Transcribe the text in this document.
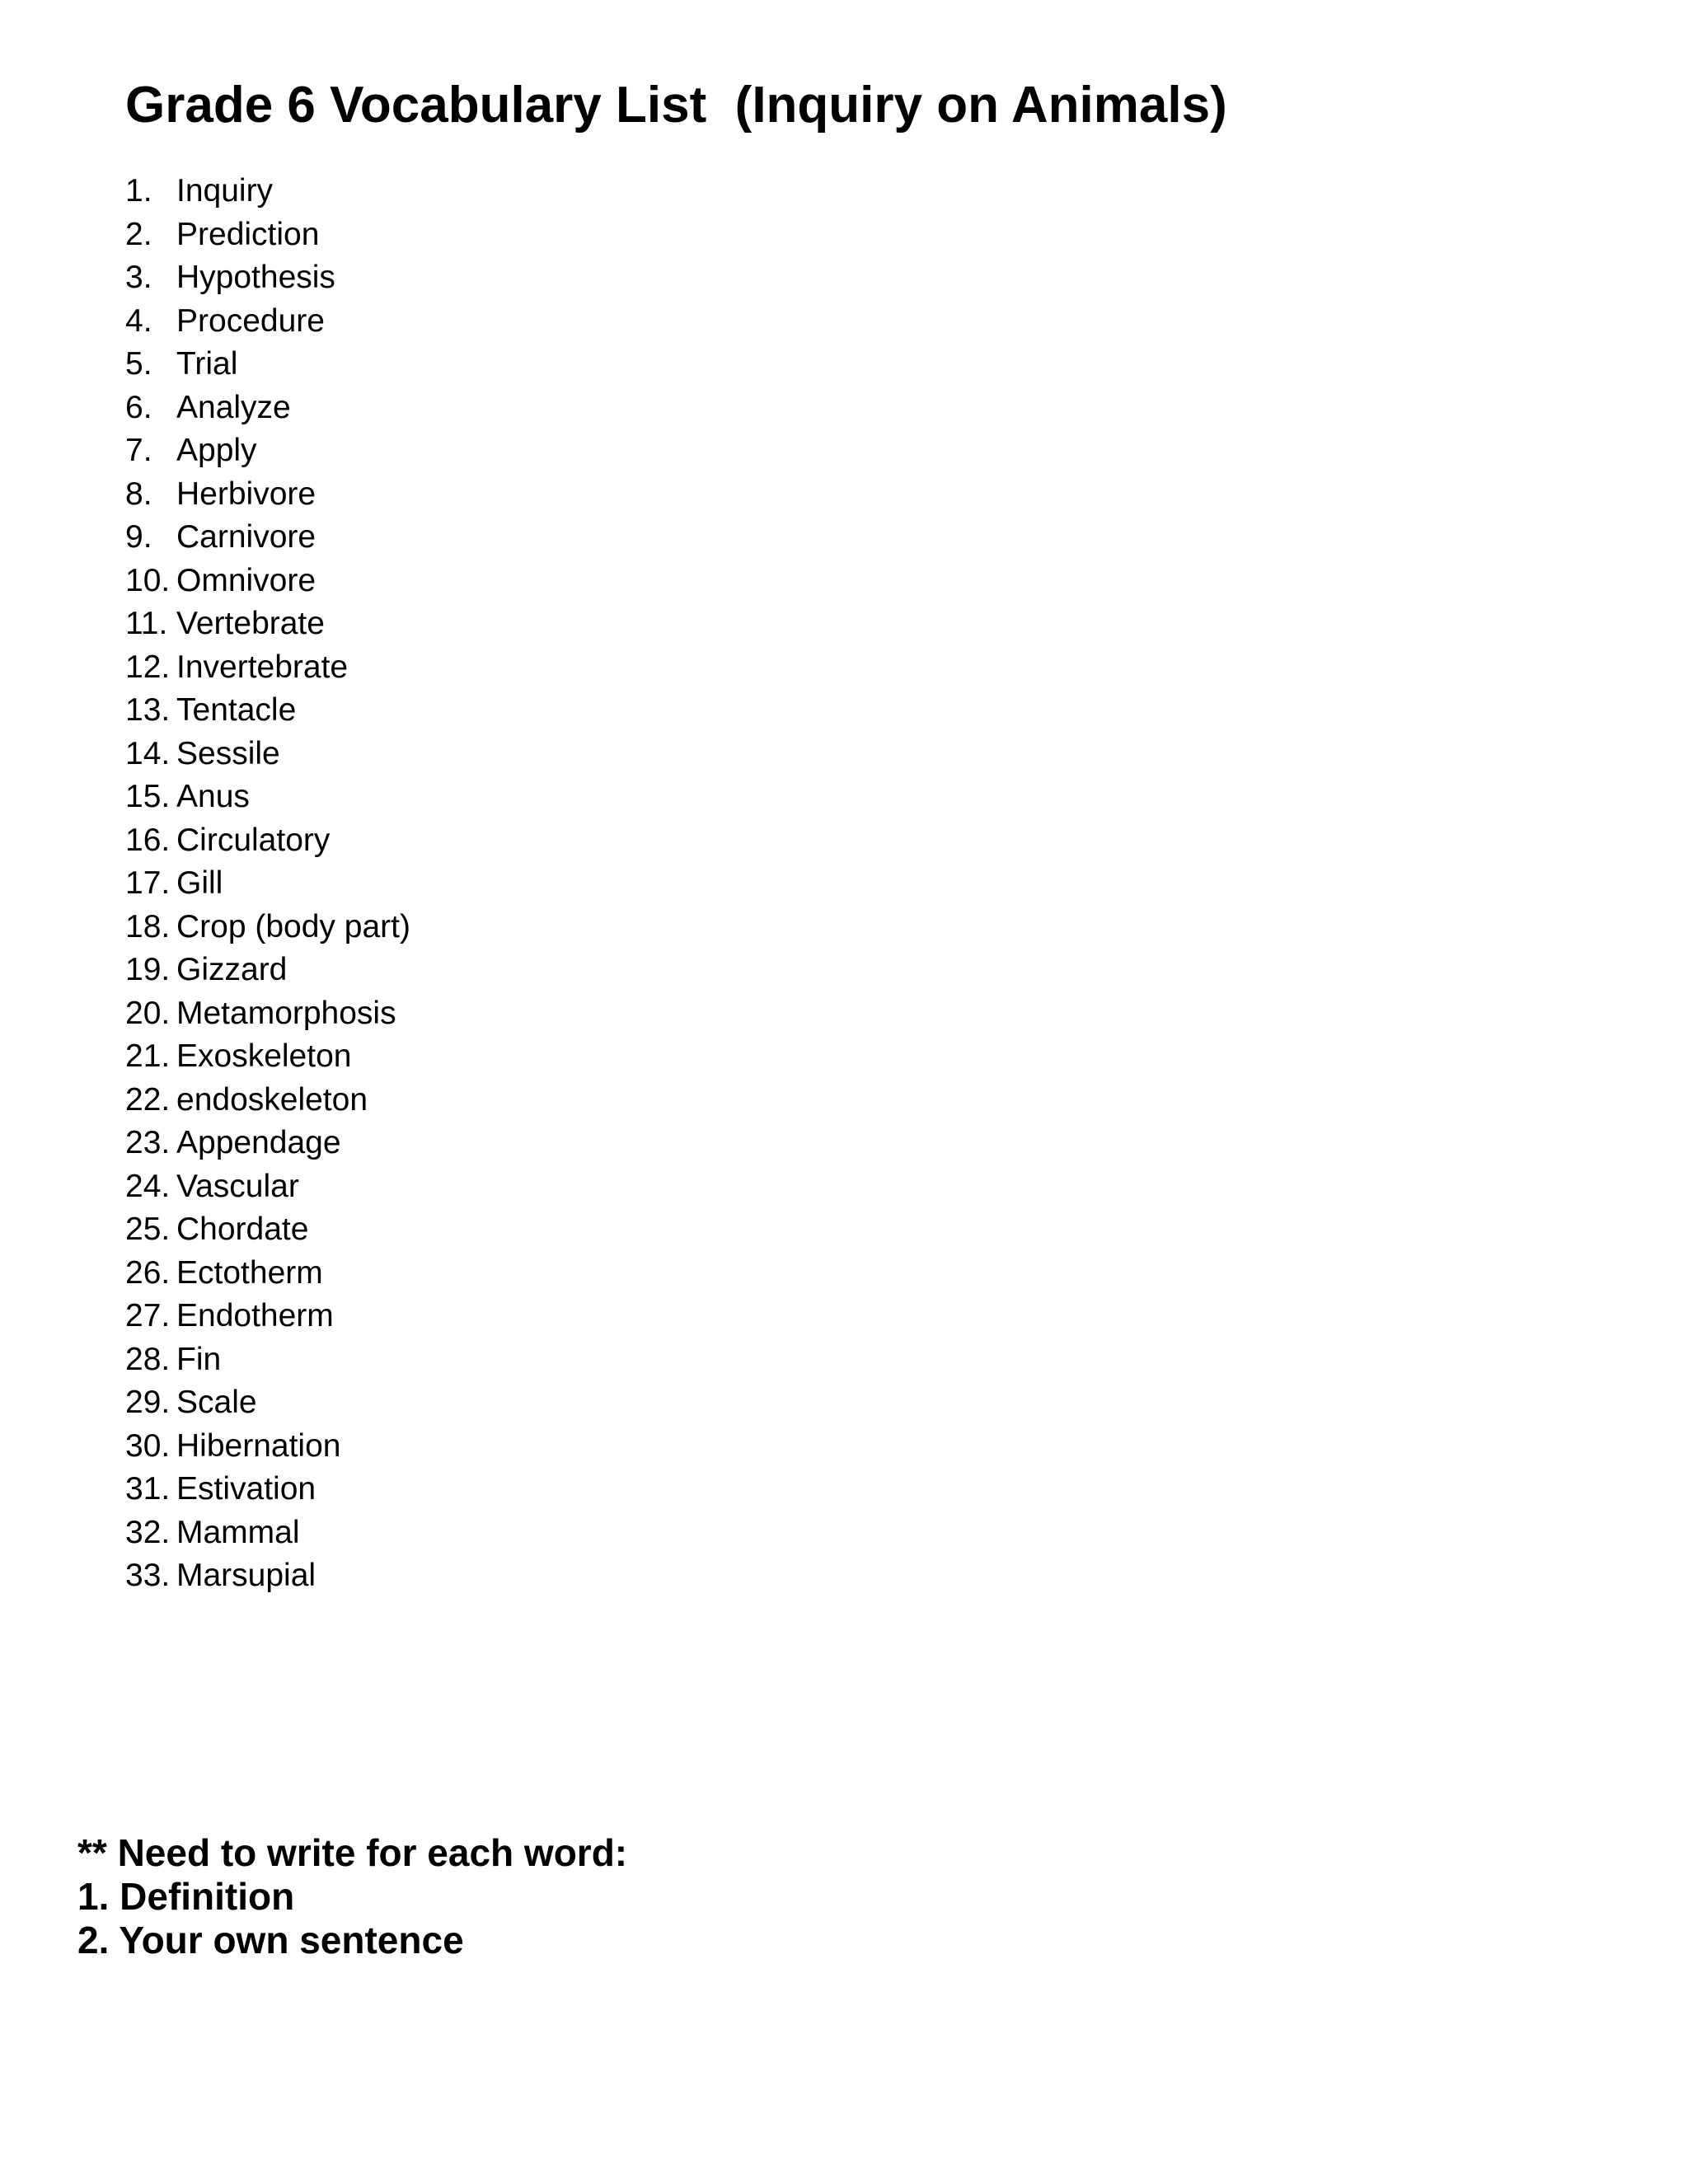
Grade 6 Vocabulary List  (Inquiry on Animals)
1. Inquiry
2. Prediction
3. Hypothesis
4. Procedure
5. Trial
6. Analyze
7. Apply
8. Herbivore
9. Carnivore
10. Omnivore
11. Vertebrate
12. Invertebrate
13. Tentacle
14. Sessile
15. Anus
16. Circulatory
17. Gill
18. Crop (body part)
19. Gizzard
20. Metamorphosis
21. Exoskeleton
22. endoskeleton
23. Appendage
24. Vascular
25. Chordate
26. Ectotherm
27. Endotherm
28. Fin
29. Scale
30. Hibernation
31. Estivation
32. Mammal
33. Marsupial
** Need to write for each word:
1. Definition
2. Your own sentence
